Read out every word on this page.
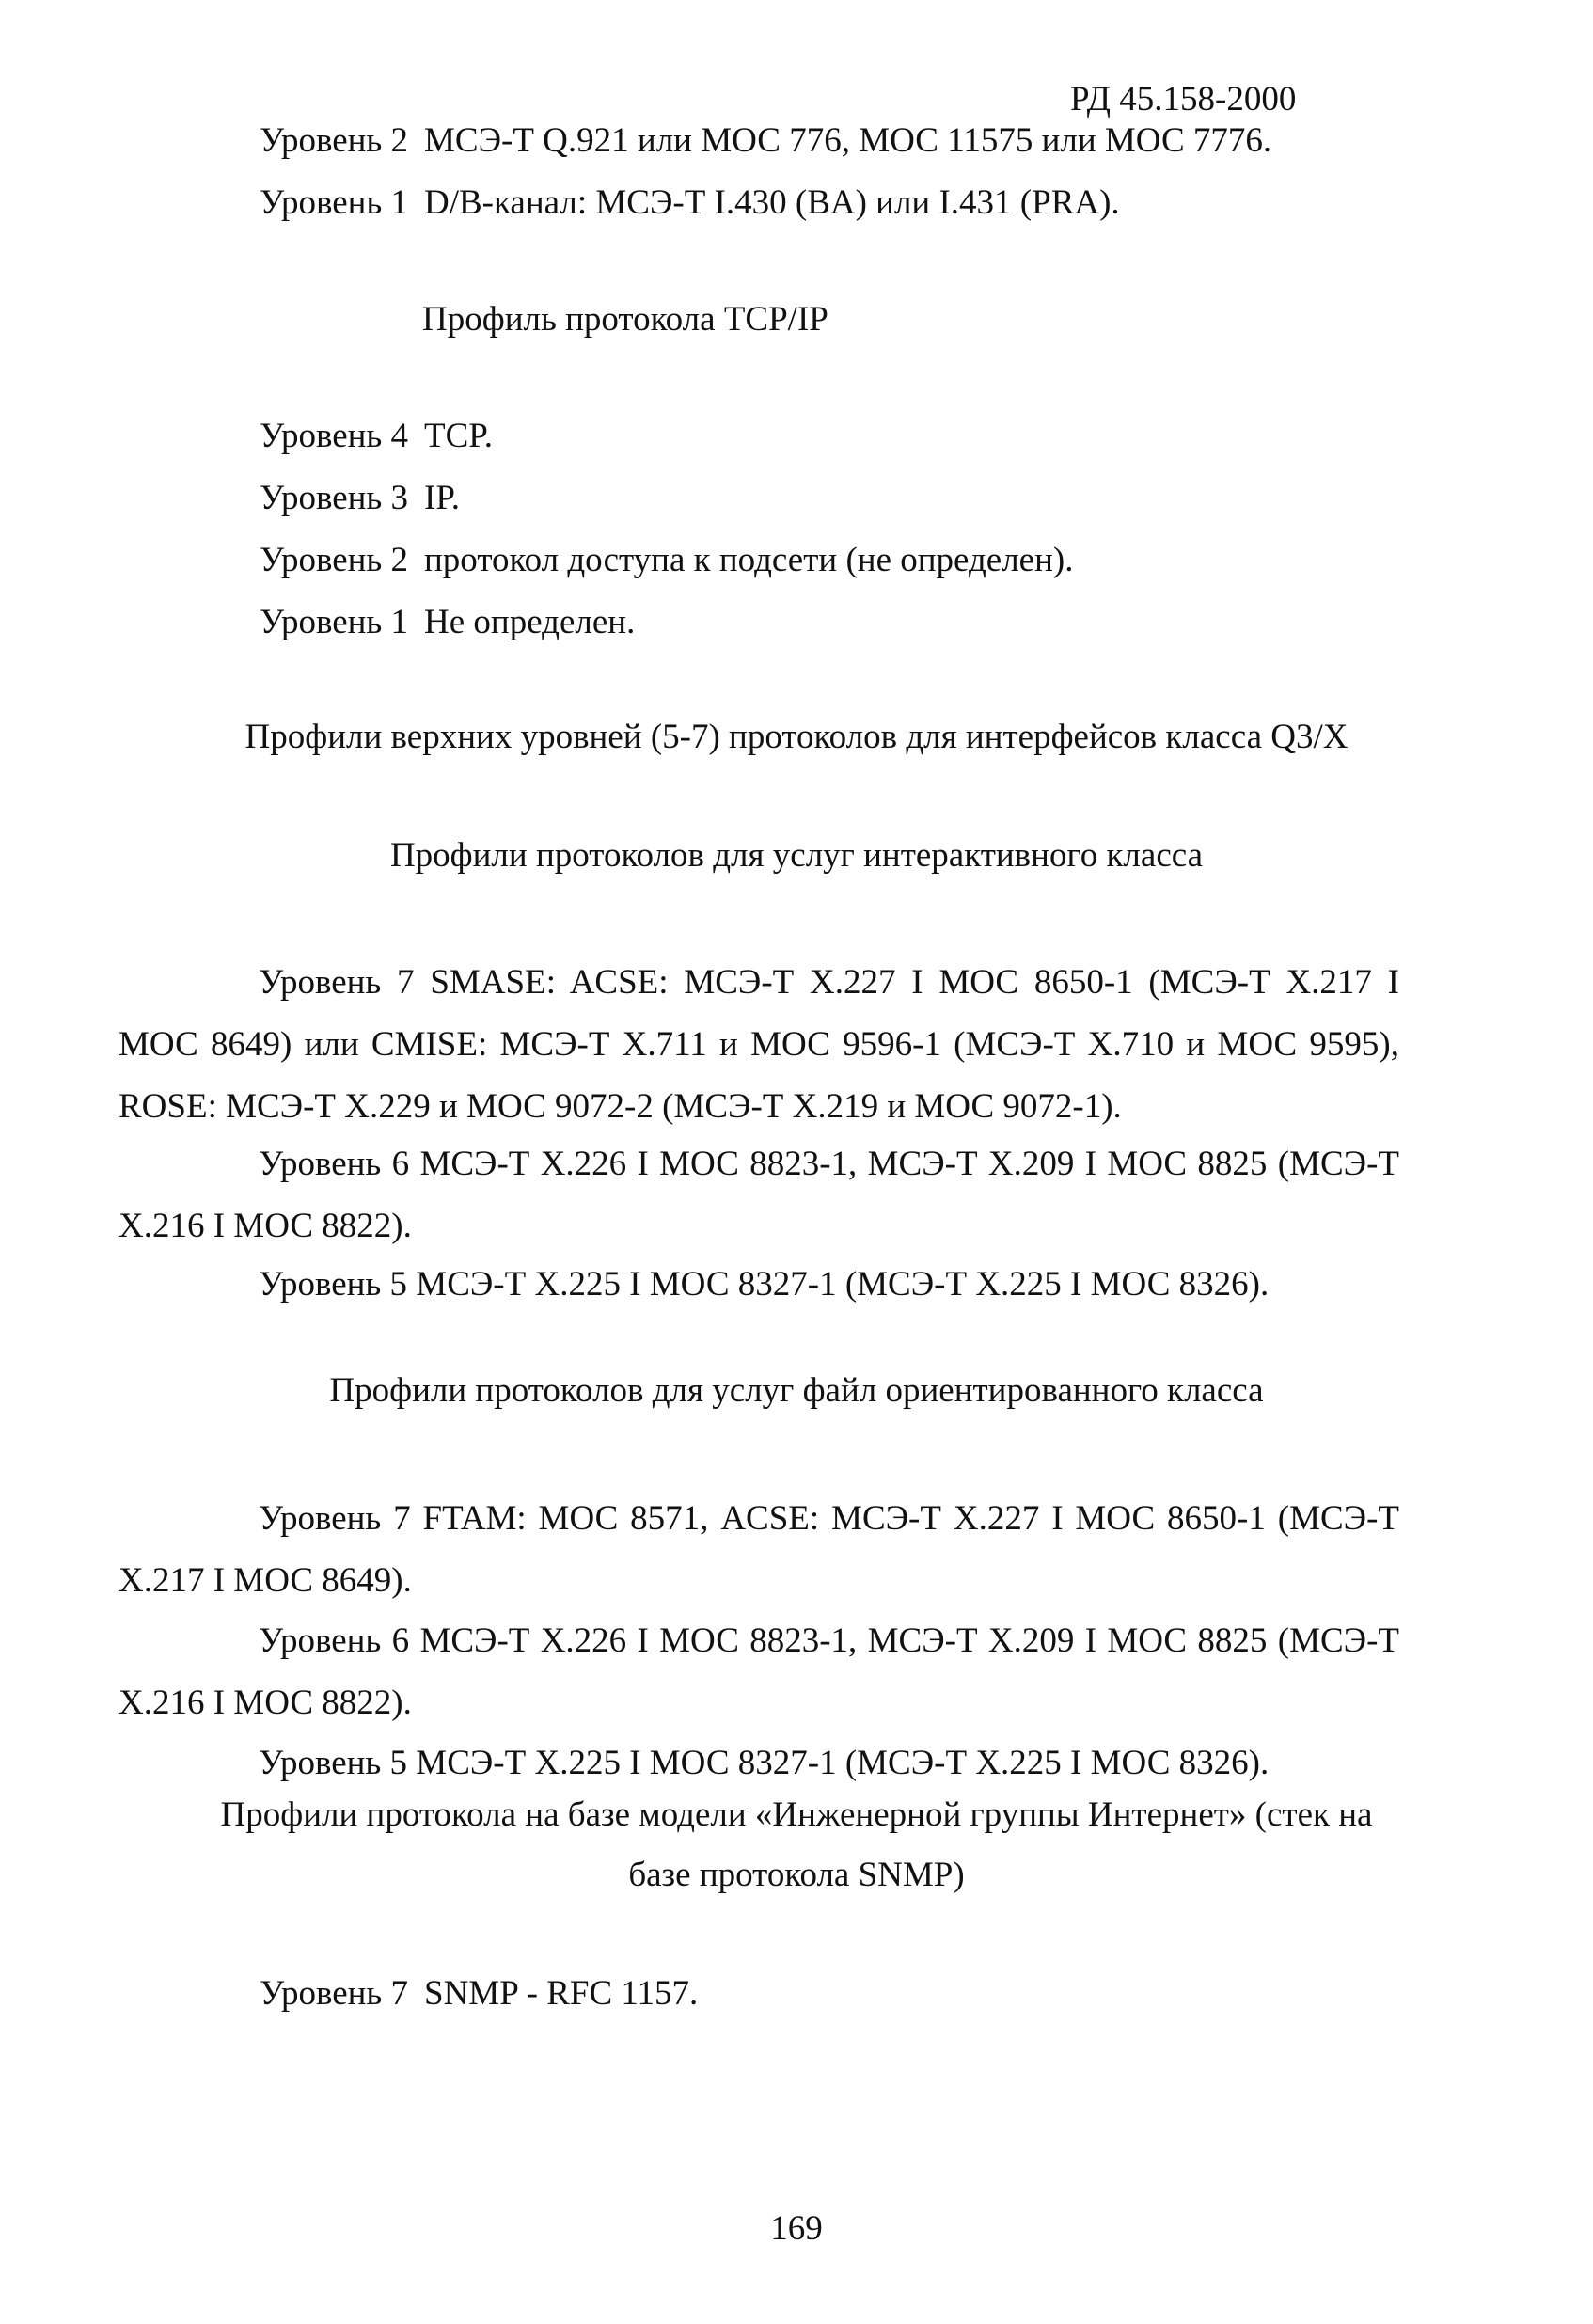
РД 45.158-2000
Уровень 2 МСЭ-Т Q.921 или МОС 776, МОС 11575 или МОС 7776.
Уровень 1 D/B-канал: МСЭ-Т I.430 (BA) или I.431 (PRA).
Профиль протокола TCP/IP
Уровень 4 TCP.
Уровень 3 IP.
Уровень 2 протокол доступа к подсети (не определен).
Уровень 1 Не определен.
Профили верхних уровней (5-7) протоколов для интерфейсов класса Q3/X
Профили протоколов для услуг интерактивного класса
Уровень 7 SMASE: ACSE: МСЭ-Т X.227 I МОС 8650-1 (МСЭ-Т X.217 I МОС 8649) или CMISE: МСЭ-Т X.711 и МОС 9596-1 (МСЭ-Т X.710 и МОС 9595), ROSE: МСЭ-Т X.229 и МОС 9072-2 (МСЭ-Т X.219 и МОС 9072-1).
Уровень 6 МСЭ-Т X.226 I МОС 8823-1, МСЭ-Т X.209 I МОС 8825 (МСЭ-Т X.216 I МОС 8822).
Уровень 5 МСЭ-Т X.225 I МОС 8327-1 (МСЭ-Т X.225 I МОС 8326).
Профили протоколов для услуг файл ориентированного класса
Уровень 7 FTAM: МОС 8571, ACSE: МСЭ-Т X.227 I МОС 8650-1 (МСЭ-Т X.217 I МОС 8649).
Уровень 6 МСЭ-Т X.226 I МОС 8823-1, МСЭ-Т X.209 I МОС 8825 (МСЭ-Т X.216 I МОС 8822).
Уровень 5 МСЭ-Т X.225 I МОС 8327-1 (МСЭ-Т X.225 I МОС 8326).
Профили протокола на базе модели «Инженерной группы Интернет» (стек на
базе протокола SNMP)
Уровень 7 SNMP - RFC 1157.
169
